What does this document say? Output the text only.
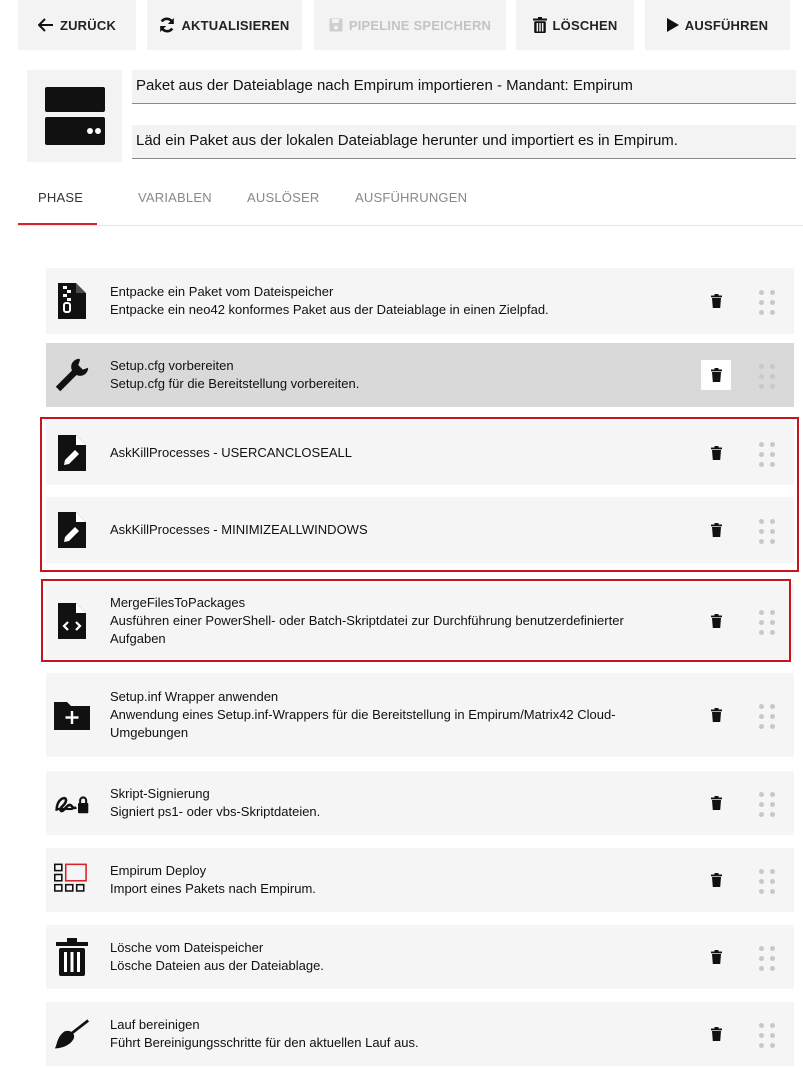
ZURÜCK	AKTUALISIEREN	PIPELINE SPEICHERN	LÖSCHEN	AUSFÜHREN
Paket aus der Dateiablage nach Empirum importieren - Mandant: Empirum
Läd ein Paket aus der lokalen Dateiablage herunter und importiert es in Empirum.
PHASE	VARIABLEN	AUSLÖSER	AUSFÜHRUNGEN
Entpacke ein Paket vom Dateispeicher
Entpacke ein neo42 konformes Paket aus der Dateiablage in einen Zielpfad.
Setup.cfg vorbereiten
Setup.cfg für die Bereitstellung vorbereiten.
AskKillProcesses - USERCANCLOSEALL
AskKillProcesses - MINIMIZEALLWINDOWS
MergeFilesToPackages
Ausführen einer PowerShell- oder Batch-Skriptdatei zur Durchführung benutzerdefinierter Aufgaben
Setup.inf Wrapper anwenden
Anwendung eines Setup.inf-Wrappers für die Bereitstellung in Empirum/Matrix42 Cloud-Umgebungen
Skript-Signierung
Signiert ps1- oder vbs-Skriptdateien.
Empirum Deploy
Import eines Pakets nach Empirum.
Lösche vom Dateispeicher
Lösche Dateien aus der Dateiablage.
Lauf bereinigen
Führt Bereinigungsschritte für den aktuellen Lauf aus.
